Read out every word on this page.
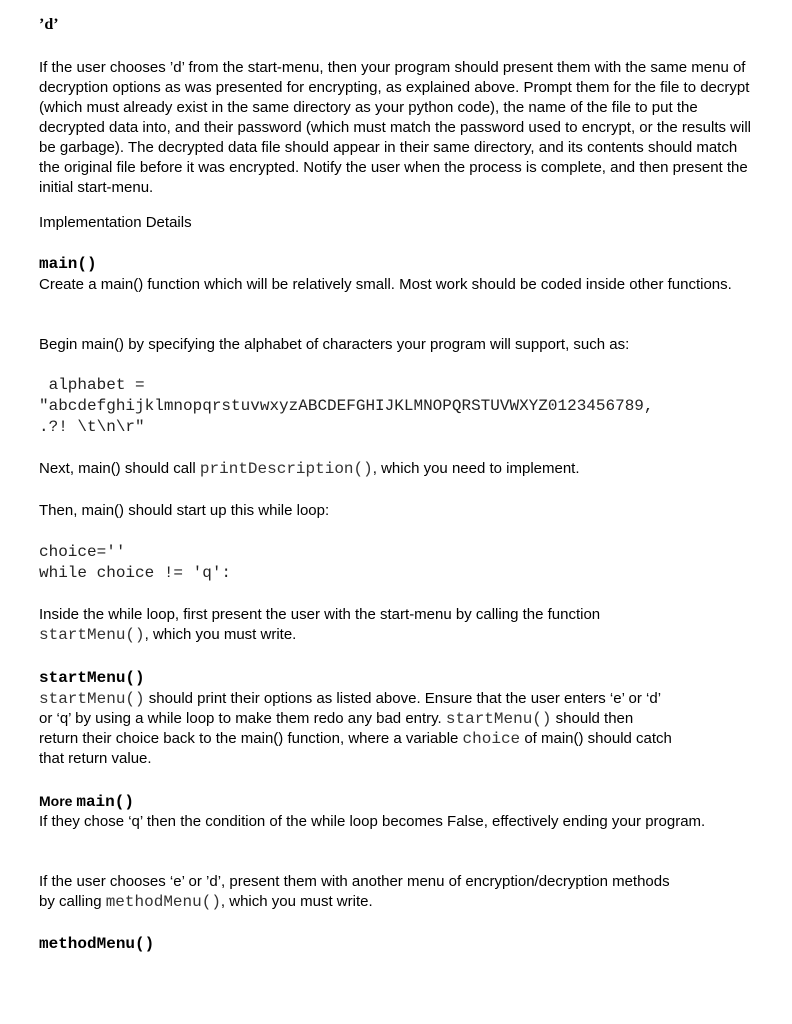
’d’

If the user chooses ’d’ from the start-menu, then your program should present them with the same menu of decryption options as was presented for encrypting, as explained above. Prompt them for the file to decrypt (which must already exist in the same directory as your python code), the name of the file to put the decrypted data into, and their password (which must match the password used to encrypt, or the results will be garbage). The decrypted data file should appear in their same directory, and its contents should match the original file before it was encrypted. Notify the user when the process is complete, and then present the initial start-menu.

Implementation Details

main()

Create a main() function which will be relatively small. Most work should be coded inside other functions.

Begin main() by specifying the alphabet of characters your program will support, such as:

alphabet =
"abcdefghijklmnopqrstuvwxyzABCDEFGHIJKLMNOPQRSTUVWXYZ0123456789,
.?! \t\n\r"

Next, main() should call printDescription(), which you need to implement.

Then, main() should start up this while loop:

choice=''
while choice != 'q':

Inside the while loop, first present the user with the start-menu by calling the function
startMenu(), which you must write.

startMenu()

startMenu() should print their options as listed above. Ensure that the user enters ‘e’ or ‘d’
or ‘q’ by using a while loop to make them redo any bad entry. startMenu() should then
return their choice back to the main() function, where a variable choice of main() should catch
that return value.

More main()

If they chose ‘q’ then the condition of the while loop becomes False, effectively ending your program.

If the user chooses ‘e’ or ’d’, present them with another menu of encryption/decryption methods
by calling methodMenu(), which you must write.

methodMenu()
